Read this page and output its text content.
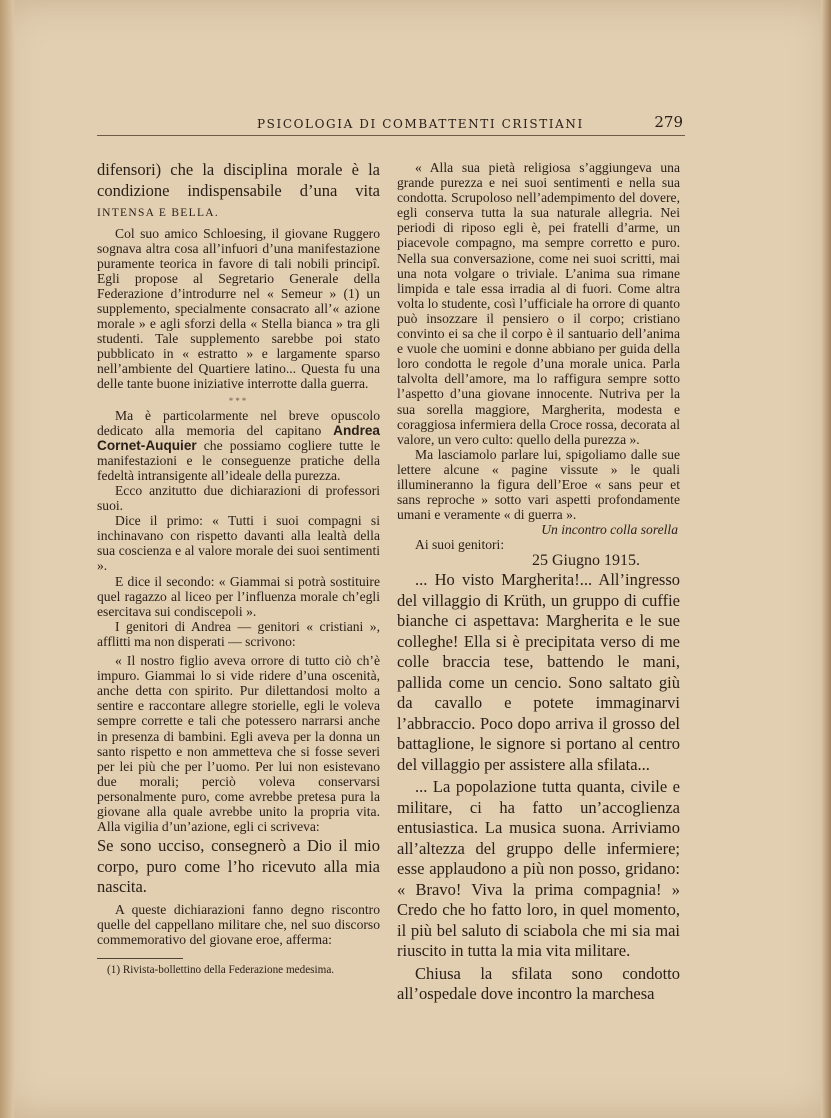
PSICOLOGIA DI COMBATTENTI CRISTIANI	279

difensori) che la disciplina morale è la condizione indispensabile d’una vita INTENSA E BELLA.

Col suo amico Schloesing, il giovane Ruggero sognava altra cosa all’infuori d’una manifestazione puramente teorica in favore di tali nobili principî. Egli propose al Segretario Generale della Federazione d’introdurre nel « Semeur » (1) un supplemento, specialmente consacrato all’« azione morale » e agli sforzi della « Stella bianca » tra gli studenti. Tale supplemento sarebbe poi stato pubblicato in « estratto » e largamente sparso nell’ambiente del Quartiere latino... Questa fu una delle tante buone iniziative interrotte dalla guerra.

***

Ma è particolarmente nel breve opuscolo dedicato alla memoria del capitano Andrea Cornet-Auquier che possiamo cogliere tutte le manifestazioni e le conseguenze pratiche della fedeltà intransigente all’ideale della purezza.

Ecco anzitutto due dichiarazioni di professori suoi.

Dice il primo: « Tutti i suoi compagni si inchinavano con rispetto davanti alla lealtà della sua coscienza e al valore morale dei suoi sentimenti ».

E dice il secondo: « Giammai si potrà sostituire quel ragazzo al liceo per l’influenza morale ch’egli esercitava sui condiscepoli ».

I genitori di Andrea — genitori « cristiani », afflitti ma non disperati — scrivono:

« Il nostro figlio aveva orrore di tutto ciò ch’è impuro. Giammai lo si vide ridere d’una oscenità, anche detta con spirito. Pur dilettandosi molto a sentire e raccontare allegre storielle, egli le voleva sempre corrette e tali che potessero narrarsi anche in presenza di bambini. Egli aveva per la donna un santo rispetto e non ammetteva che si fosse severi per lei più che per l’uomo. Per lui non esistevano due morali; perciò voleva conservarsi personalmente puro, come avrebbe pretesa pura la giovane alla quale avrebbe unito la propria vita. Alla vigilia d’un’azione, egli ci scriveva:

Se sono ucciso, consegnerò a Dio il mio corpo, puro come l’ho ricevuto alla mia nascita.

A queste dichiarazioni fanno degno riscontro quelle del cappellano militare che, nel suo discorso commemorativo del giovane eroe, afferma:

(1) Rivista-bollettino della Federazione medesima.

« Alla sua pietà religiosa s’aggiungeva una grande purezza e nei suoi sentimenti e nella sua condotta. Scrupoloso nell’adempimento del dovere, egli conserva tutta la sua naturale allegria. Nei periodi di riposo egli è, pei fratelli d’arme, un piacevole compagno, ma sempre corretto e puro. Nella sua conversazione, come nei suoi scritti, mai una nota volgare o triviale. L’anima sua rimane limpida e tale essa irradia al di fuori. Come altra volta lo studente, così l’ufficiale ha orrore di quanto può insozzare il pensiero o il corpo; cristiano convinto ei sa che il corpo è il santuario dell’anima e vuole che uomini e donne abbiano per guida della loro condotta le regole d’una morale unica. Parla talvolta dell’amore, ma lo raffigura sempre sotto l’aspetto d’una giovane innocente. Nutriva per la sua sorella maggiore, Margherita, modesta e coraggiosa infermiera della Croce rossa, decorata al valore, un vero culto: quello della purezza ».

Ma lasciamolo parlare lui, spigoliamo dalle sue lettere alcune « pagine vissute » le quali illumineranno la figura dell’Eroe « sans peur et sans reproche » sotto vari aspetti profondamente umani e veramente « di guerra ».

Un incontro colla sorella
Ai suoi genitori:
25 Giugno 1915.

... Ho visto Margherita!... All’ingresso del villaggio di Krüth, un gruppo di cuffie bianche ci aspettava: Margherita e le sue colleghe! Ella si è precipitata verso di me colle braccia tese, battendo le mani, pallida come un cencio. Sono saltato giù da cavallo e potete immaginarvi l’abbraccio. Poco dopo arriva il grosso del battaglione, le signore si portano al centro del villaggio per assistere alla sfilata...

... La popolazione tutta quanta, civile e militare, ci ha fatto un’accoglienza entusiastica. La musica suona. Arriviamo all’altezza del gruppo delle infermiere; esse applaudono a più non posso, gridano: « Bravo! Viva la prima compagnia! » Credo che ho fatto loro, in quel momento, il più bel saluto di sciabola che mi sia mai riuscito in tutta la mia vita militare.

Chiusa la sfilata sono condotto all’ospedale dove incontro la marchesa
